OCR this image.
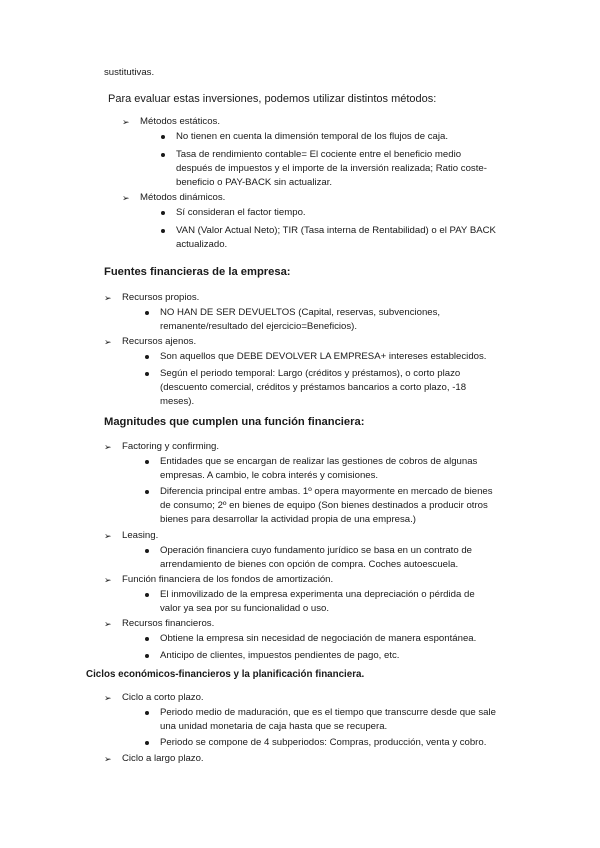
sustitutivas.
Para evaluar estas inversiones, podemos utilizar distintos métodos:
➢ Métodos estáticos.
No tienen en cuenta la dimensión temporal de los flujos de caja.
Tasa de rendimiento contable= El cociente entre el beneficio medio
después de impuestos y el importe de la inversión realizada; Ratio coste-
beneficio o PAY-BACK sin actualizar.
➢ Métodos dinámicos.
Sí consideran el factor tiempo.
VAN (Valor Actual Neto); TIR (Tasa interna de Rentabilidad) o el PAY BACK
actualizado.
Fuentes financieras de la empresa:
➢ Recursos propios.
NO HAN DE SER DEVUELTOS (Capital, reservas, subvenciones,
remanente/resultado del ejercicio=Beneficios).
➢ Recursos ajenos.
Son aquellos que DEBE DEVOLVER LA EMPRESA+ intereses establecidos.
Según el periodo temporal: Largo (créditos y préstamos), o corto plazo
(descuento comercial, créditos y préstamos bancarios a corto plazo, -18
meses).
Magnitudes que cumplen una función financiera:
➢ Factoring y confirming.
Entidades que se encargan de realizar las gestiones de cobros de algunas
empresas. A cambio, le cobra interés y comisiones.
Diferencia principal entre ambas. 1º opera mayormente en mercado de bienes
de consumo; 2º en bienes de equipo (Son bienes destinados a producir otros
bienes para desarrollar la actividad propia de una empresa.)
➢ Leasing.
Operación financiera cuyo fundamento jurídico se basa en un contrato de
arrendamiento de bienes con opción de compra. Coches autoescuela.
➢ Función financiera de los fondos de amortización.
El inmovilizado de la empresa experimenta una depreciación o pérdida de
valor ya sea por su funcionalidad o uso.
➢ Recursos financieros.
Obtiene la empresa sin necesidad de negociación de manera espontánea.
Anticipo de clientes, impuestos pendientes de pago, etc.
Ciclos económicos-financieros y la planificación financiera.
➢ Ciclo a corto plazo.
Periodo medio de maduración, que es el tiempo que transcurre desde que sale
una unidad monetaria de caja hasta que se recupera.
Periodo se compone de 4 subperiodos: Compras, producción, venta y cobro.
➢ Ciclo a largo plazo.
